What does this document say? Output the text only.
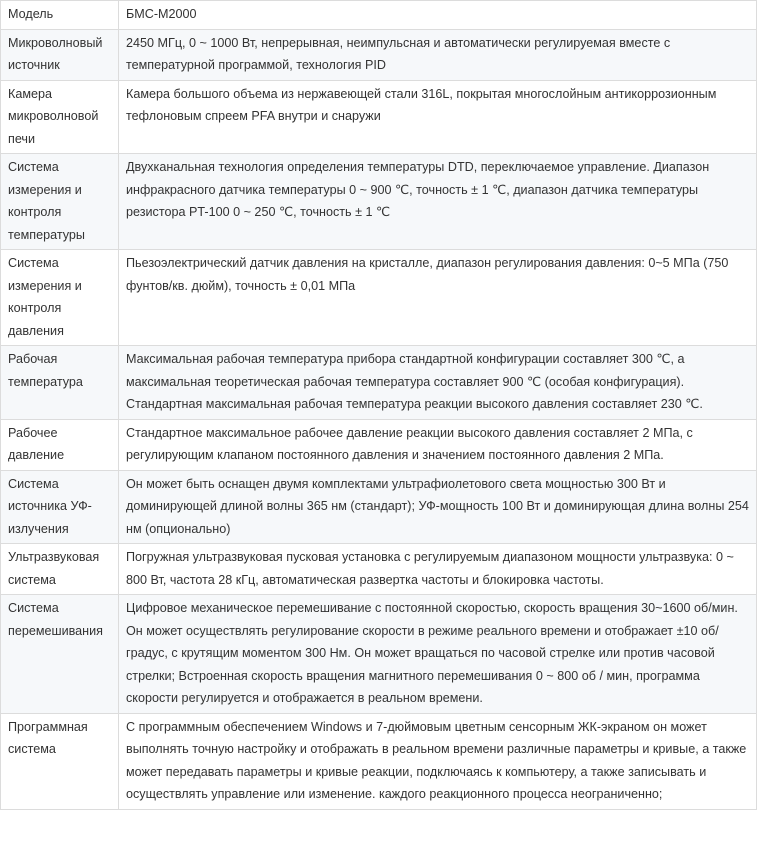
Модель	БМС-М2000
Микроволновый источник	2450 МГц, 0 ~ 1000 Вт, непрерывная, неимпульсная и автоматически регулируемая вместе с температурной программой, технология PID
Камера микроволновой печи	Камера большого объема из нержавеющей стали 316L, покрытая многослойным антикоррозионным тефлоновым спреем PFA внутри и снаружи
Система измерения и контроля температуры	Двухканальная технология определения температуры DTD, переключаемое управление. Диапазон инфракрасного датчика температуры 0 ~ 900 ℃, точность ± 1 ℃, диапазон датчика температуры резистора PT-100 0 ~ 250 ℃, точность ± 1 ℃
Система измерения и контроля давления	Пьезоэлектрический датчик давления на кристалле, диапазон регулирования давления: 0~5 МПа (750 фунтов/кв. дюйм), точность ± 0,01 МПа
Рабочая температура	Максимальная рабочая температура прибора стандартной конфигурации составляет 300 ℃, а максимальная теоретическая рабочая температура составляет 900 ℃ (особая конфигурация). Стандартная максимальная рабочая температура реакции высокого давления составляет 230 ℃.
Рабочее давление	Стандартное максимальное рабочее давление реакции высокого давления составляет 2 МПа, с регулирующим клапаном постоянного давления и значением постоянного давления 2 МПа.
Система источника УФ-излучения	Он может быть оснащен двумя комплектами ультрафиолетового света мощностью 300 Вт и доминирующей длиной волны 365 нм (стандарт); УФ-мощность 100 Вт и доминирующая длина волны 254 нм (опционально)
Ультразвуковая система	Погружная ультразвуковая пусковая установка с регулируемым диапазоном мощности ультразвука: 0 ~ 800 Вт, частота 28 кГц, автоматическая развертка частоты и блокировка частоты.
Система перемешивания	Цифровое механическое перемешивание с постоянной скоростью, скорость вращения 30~1600 об/мин. Он может осуществлять регулирование скорости в режиме реального времени и отображает ±10 об/градус, с крутящим моментом 300 Нм. Он может вращаться по часовой стрелке или против часовой стрелки; Встроенная скорость вращения магнитного перемешивания 0 ~ 800 об / мин, программа скорости регулируется и отображается в реальном времени.
Программная система	С программным обеспечением Windows и 7-дюймовым цветным сенсорным ЖК-экраном он может выполнять точную настройку и отображать в реальном времени различные параметры и кривые, а также может передавать параметры и кривые реакции, подключаясь к компьютеру, а также записывать и осуществлять управление или изменение. каждого реакционного процесса неограниченно;
